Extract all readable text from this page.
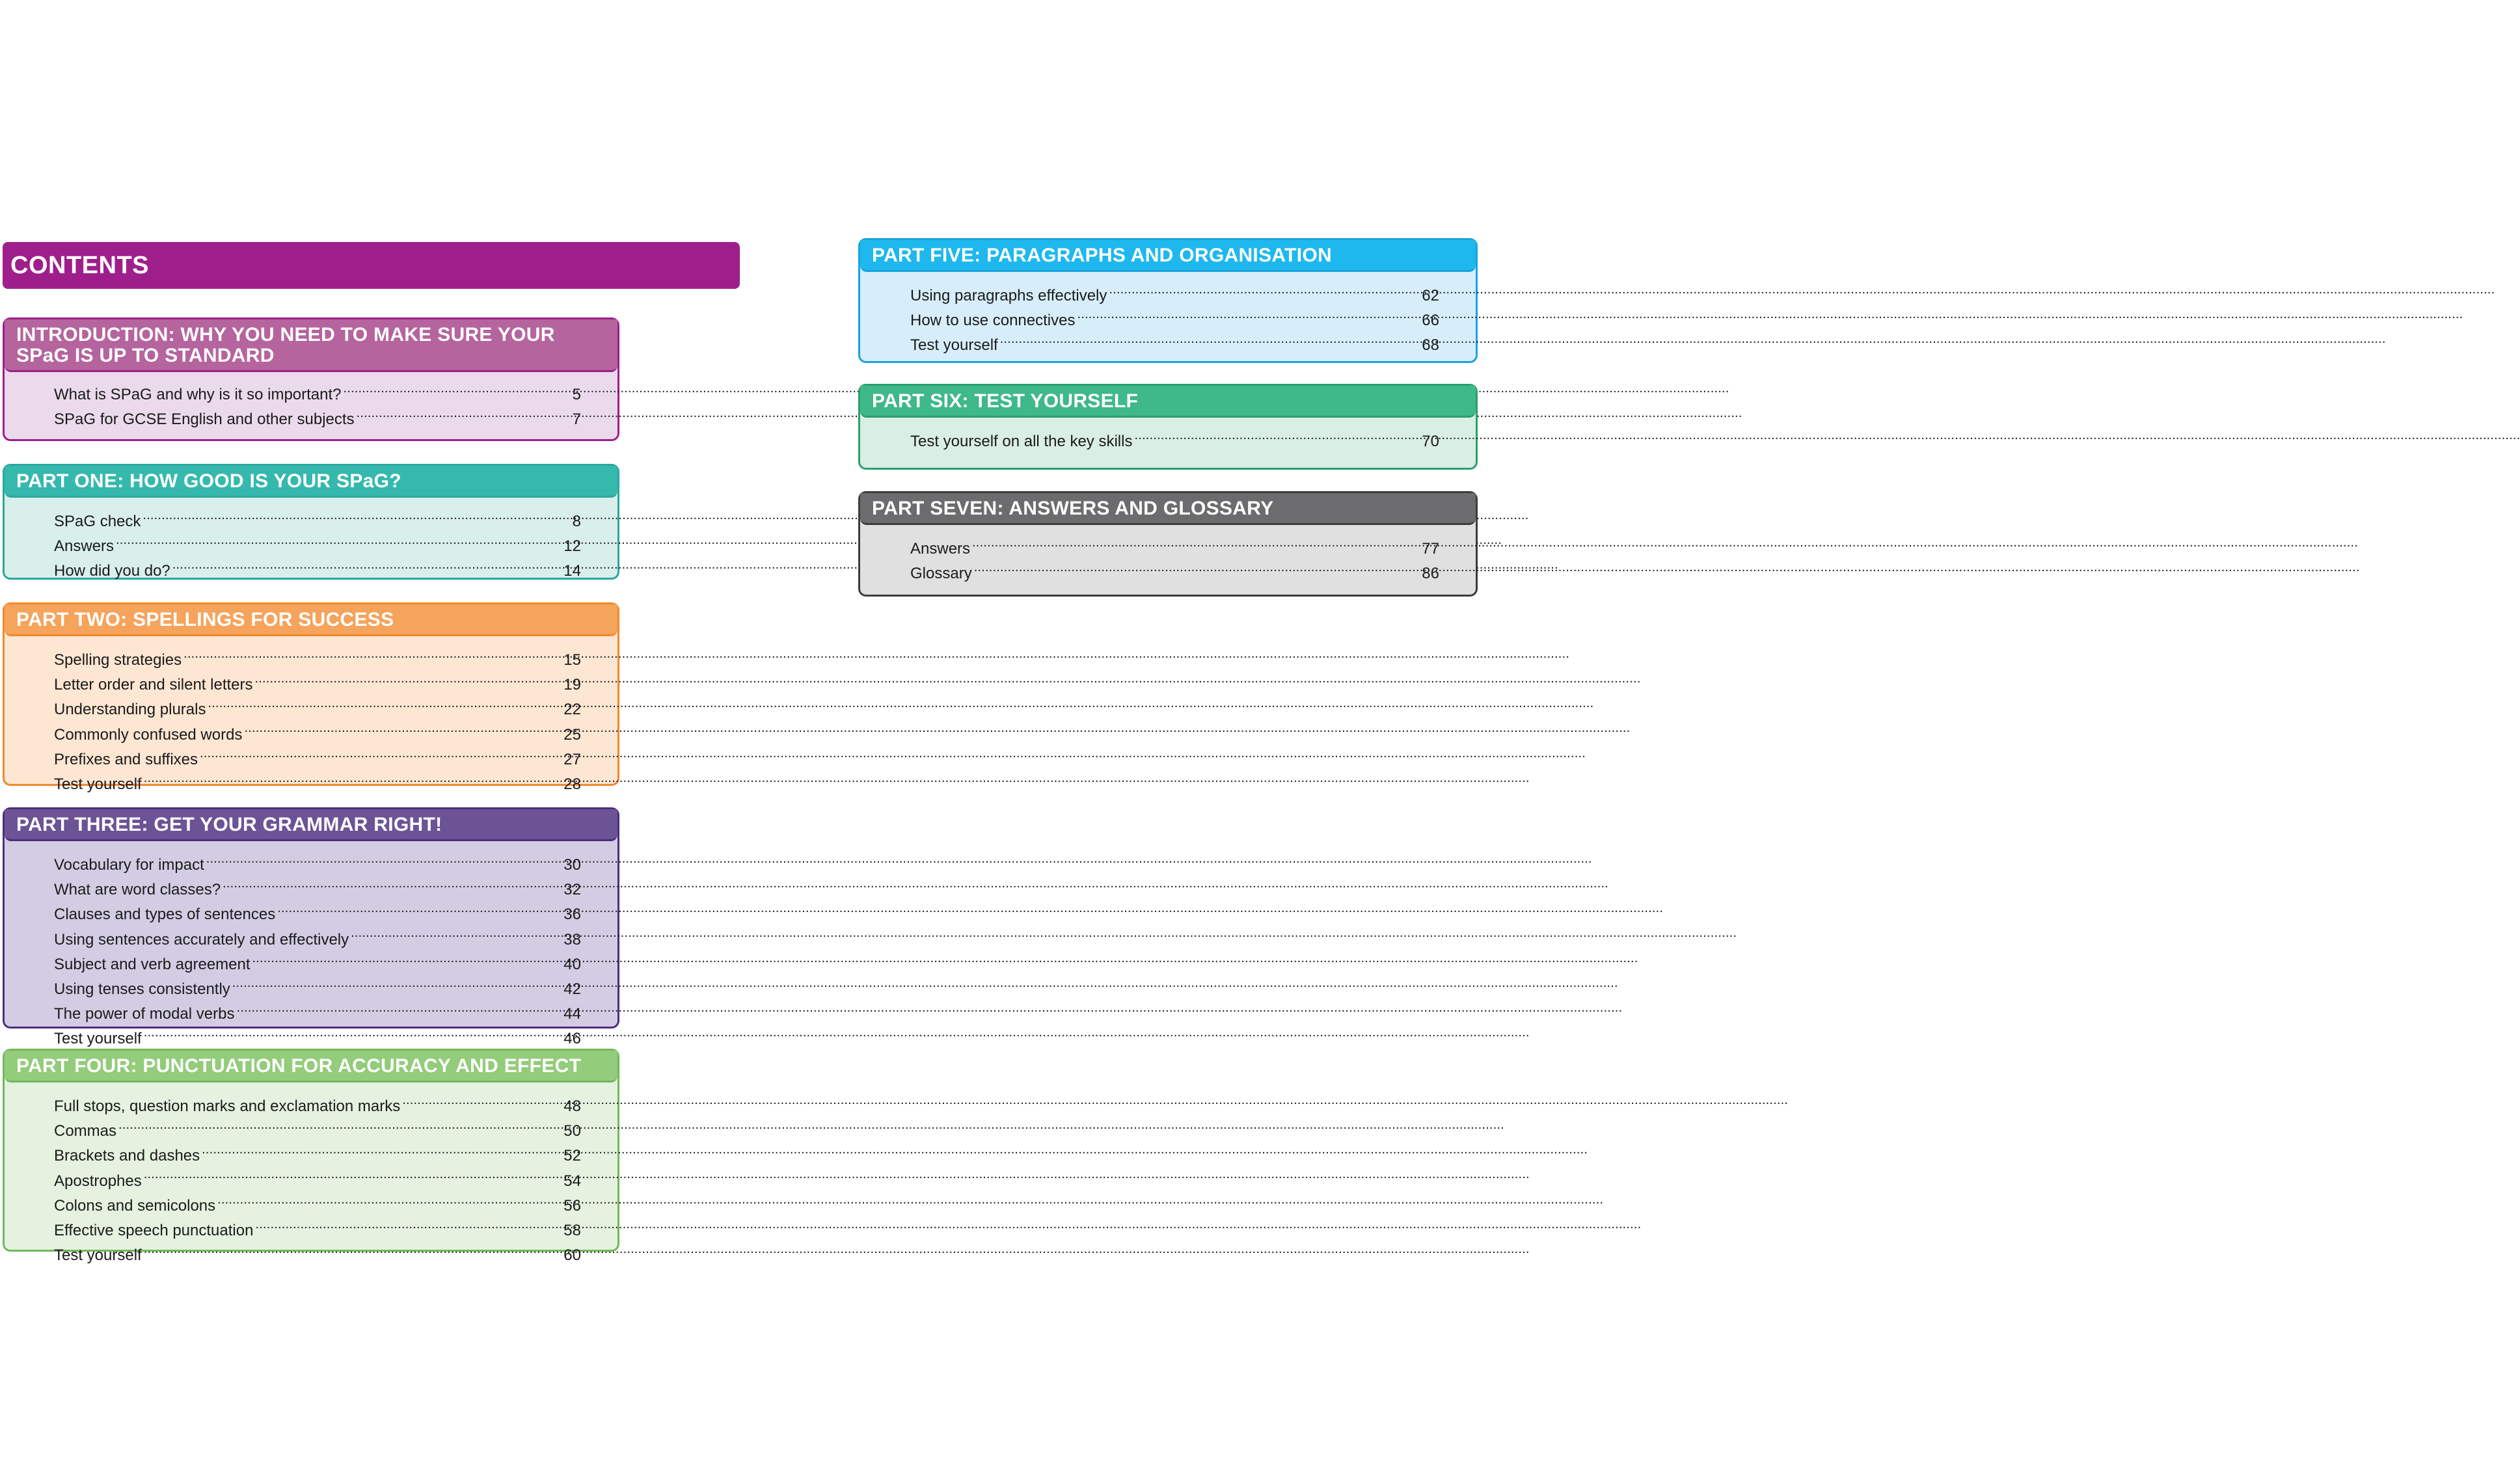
CONTENTS
INTRODUCTION: WHY YOU NEED TO MAKE SURE YOUR SPaG IS UP TO STANDARD
What is SPaG and why is it so important? .....	5
SPaG for GCSE English and other subjects .....	7
PART ONE: HOW GOOD IS YOUR SPaG?
SPaG check .....	8
Answers .....	12
How did you do? .....	14
PART TWO: SPELLINGS FOR SUCCESS
Spelling strategies .....	15
Letter order and silent letters .....	19
Understanding plurals .....	22
Commonly confused words .....	25
Prefixes and suffixes .....	27
Test yourself .....	28
PART THREE: GET YOUR GRAMMAR RIGHT!
Vocabulary for impact .....	30
What are word classes? .....	32
Clauses and types of sentences .....	36
Using sentences accurately and effectively .....	38
Subject and verb agreement .....	40
Using tenses consistently .....	42
The power of modal verbs .....	44
Test yourself .....	46
PART FOUR: PUNCTUATION FOR ACCURACY AND EFFECT
Full stops, question marks and exclamation marks .....	48
Commas .....	50
Brackets and dashes .....	52
Apostrophes .....	54
Colons and semicolons .....	56
Effective speech punctuation .....	58
Test yourself .....	60
PART FIVE: PARAGRAPHS AND ORGANISATION
Using paragraphs effectively .....	62
How to use connectives .....	66
Test yourself .....	68
PART SIX: TEST YOURSELF
Test yourself on all the key skills .....	70
PART SEVEN: ANSWERS AND GLOSSARY
Answers .....	77
Glossary .....	86
